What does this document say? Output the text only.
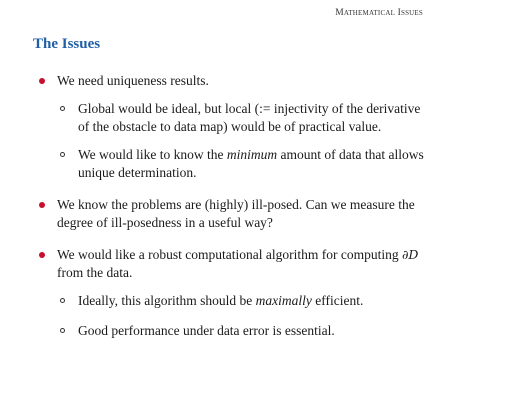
Mathematical Issues
The Issues
We need uniqueness results.
Global would be ideal, but local (:= injectivity of the derivative of the obstacle to data map) would be of practical value.
We would like to know the minimum amount of data that allows unique determination.
We know the problems are (highly) ill-posed. Can we measure the degree of ill-posedness in a useful way?
We would like a robust computational algorithm for computing ∂D from the data.
Ideally, this algorithm should be maximally efficient.
Good performance under data error is essential.
